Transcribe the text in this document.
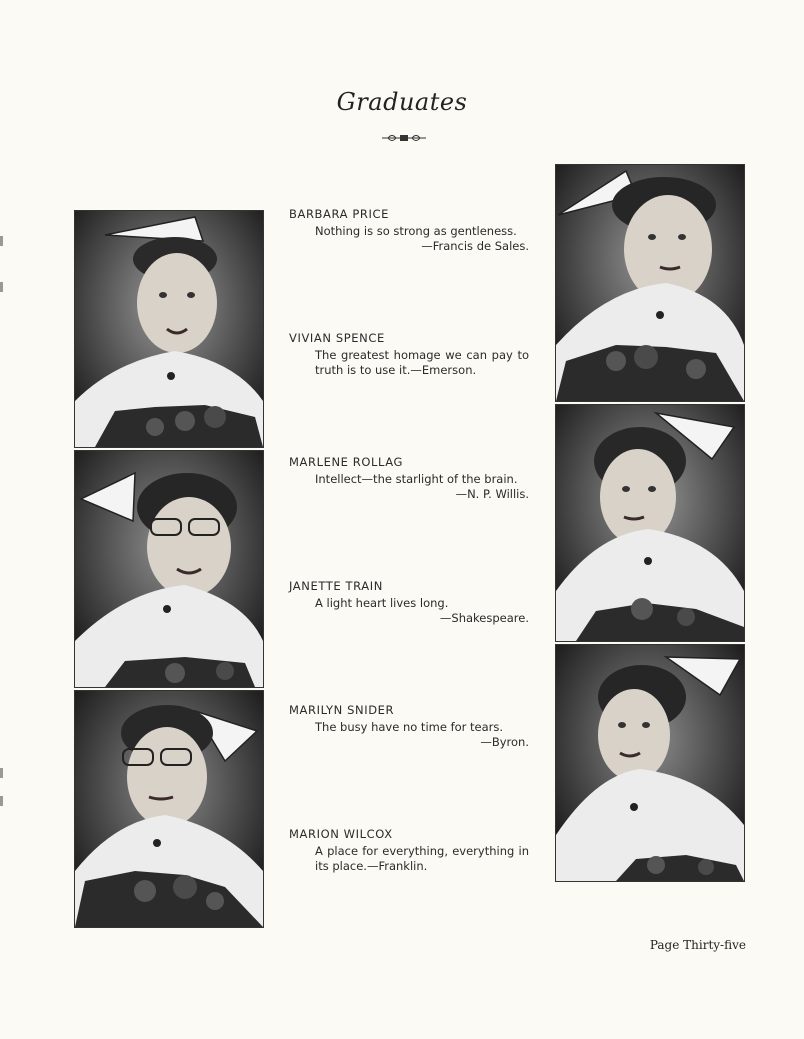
Graduates
BARBARA PRICE
Nothing is so strong as gentleness.
—Francis de Sales.
VIVIAN SPENCE
The greatest homage we can pay to truth is to use it.—Emerson.
MARLENE ROLLAG
Intellect—the starlight of the brain.
—N. P. Willis.
JANETTE TRAIN
A light heart lives long.
—Shakespeare.
MARILYN SNIDER
The busy have no time for tears.
—Byron.
MARION WILCOX
A place for everything, everything in its place.—Franklin.
Page Thirty-five
